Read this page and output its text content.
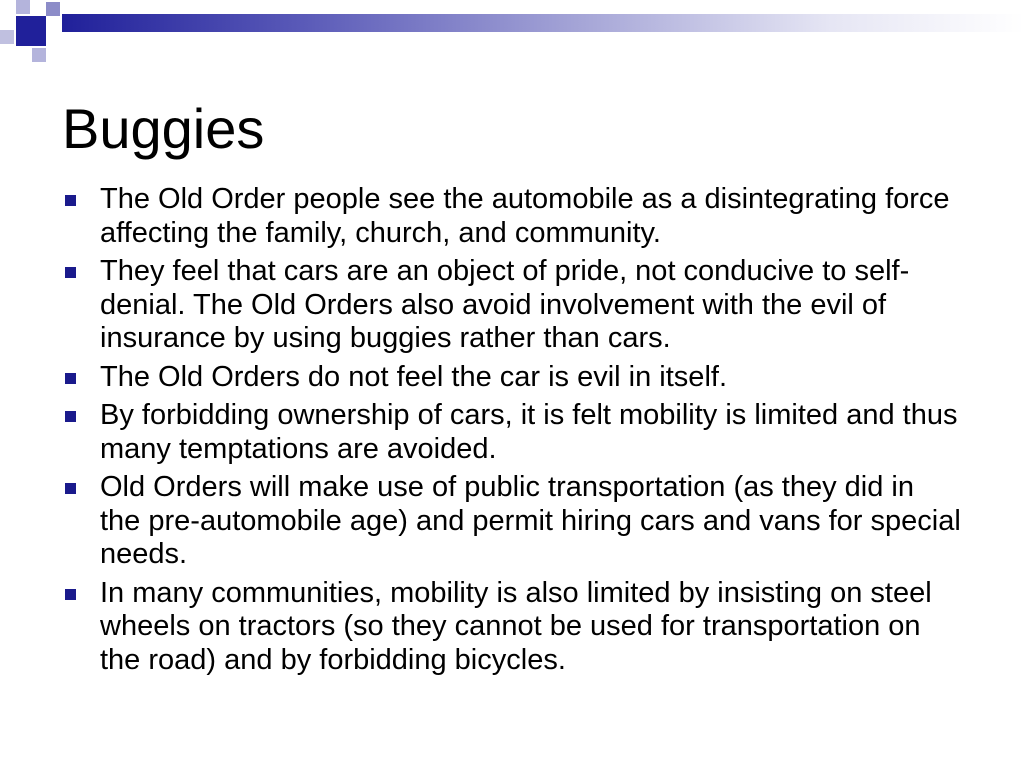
Buggies
The Old Order people see the automobile as a disintegrating force affecting the family, church, and community.
They feel that cars are an object of pride, not conducive to self-denial. The Old Orders also avoid involvement with the evil of insurance by using buggies rather than cars.
The Old Orders do not feel the car is evil in itself.
By forbidding ownership of cars, it is felt mobility is limited and thus many temptations are avoided.
Old Orders will make use of public transportation (as they did in the pre-automobile age) and permit hiring cars and vans for special needs.
In many communities, mobility is also limited by insisting on steel wheels on tractors (so they cannot be used for transportation on the road) and by forbidding bicycles.
